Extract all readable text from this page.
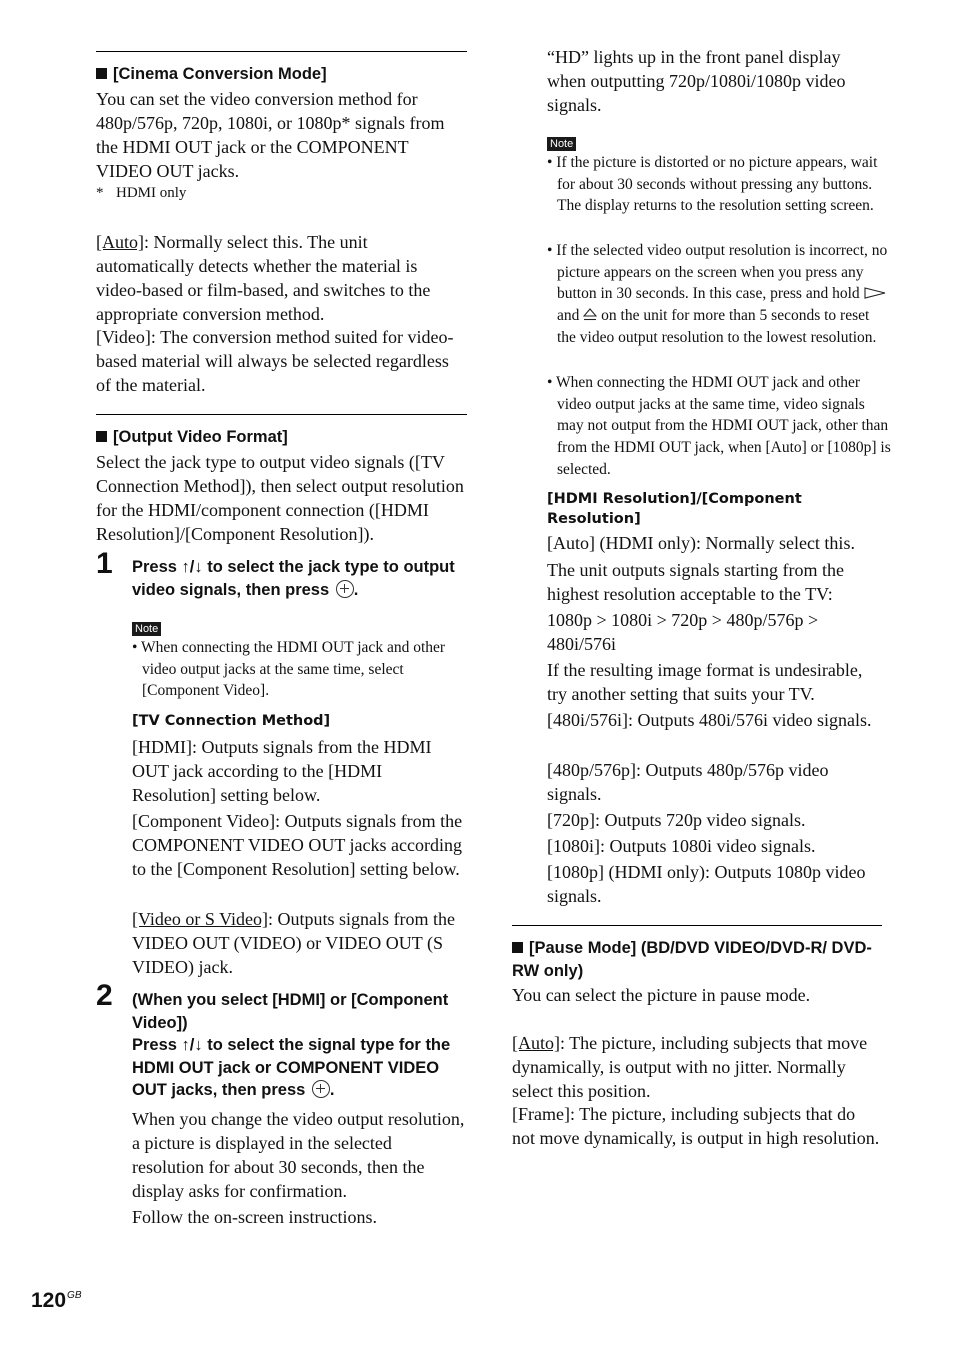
[Cinema Conversion Mode]

You can set the video conversion method for 480p/576p, 720p, 1080i, or 1080p* signals from the HDMI OUT jack or the COMPONENT VIDEO OUT jacks.

* HDMI only

[Auto]: Normally select this. The unit automatically detects whether the material is video-based or film-based, and switches to the appropriate conversion method.

[Video]: The conversion method suited for video-based material will always be selected regardless of the material.

[Output Video Format]

Select the jack type to output video signals ([TV Connection Method]), then select output resolution for the HDMI/component connection ([HDMI Resolution]/[Component Resolution]).

1 Press ↑/↓ to select the jack type to output video signals, then press .
Note

• When connecting the HDMI OUT jack and other video output jacks at the same time, select [Component Video].

[TV Connection Method]

[HDMI]: Outputs signals from the HDMI OUT jack according to the [HDMI Resolution] setting below.

[Component Video]: Outputs signals from the COMPONENT VIDEO OUT jacks according to the [Component Resolution] setting below.

[Video or S Video]: Outputs signals from the VIDEO OUT (VIDEO) or VIDEO OUT (S VIDEO) jack.

2 (When you select [HDMI] or [Component Video])
Press ↑/↓ to select the signal type for the HDMI OUT jack or COMPONENT VIDEO OUT jacks, then press .

When you change the video output resolution, a picture is displayed in the selected resolution for about 30 seconds, then the display asks for confirmation.

Follow the on-screen instructions.

“HD” lights up in the front panel display when outputting 720p/1080i/1080p video signals.

Note

• If the picture is distorted or no picture appears, wait for about 30 seconds without pressing any buttons. The display returns to the resolution setting screen.

• If the selected video output resolution is incorrect, no picture appears on the screen when you press any button in 30 seconds. In this case, press and hold  and  on the unit for more than 5 seconds to reset the video output resolution to the lowest resolution.

• When connecting the HDMI OUT jack and other video output jacks at the same time, video signals may not output from the HDMI OUT jack, other than from the HDMI OUT jack, when [Auto] or [1080p] is selected.

[HDMI Resolution]/[Component Resolution]

[Auto] (HDMI only): Normally select this.

The unit outputs signals starting from the highest resolution acceptable to the TV:

1080p > 1080i > 720p > 480p/576p > 480i/576i

If the resulting image format is undesirable, try another setting that suits your TV.

[480i/576i]: Outputs 480i/576i video signals.

[480p/576p]: Outputs 480p/576p video signals.

[720p]: Outputs 720p video signals.

[1080i]: Outputs 1080i video signals.

[1080p] (HDMI only): Outputs 1080p video signals.

[Pause Mode] (BD/DVD VIDEO/DVD-R/ DVD-RW only)

You can select the picture in pause mode.

[Auto]: The picture, including subjects that move dynamically, is output with no jitter. Normally select this position.

[Frame]: The picture, including subjects that do not move dynamically, is output in high resolution.

$120^{GB}$
